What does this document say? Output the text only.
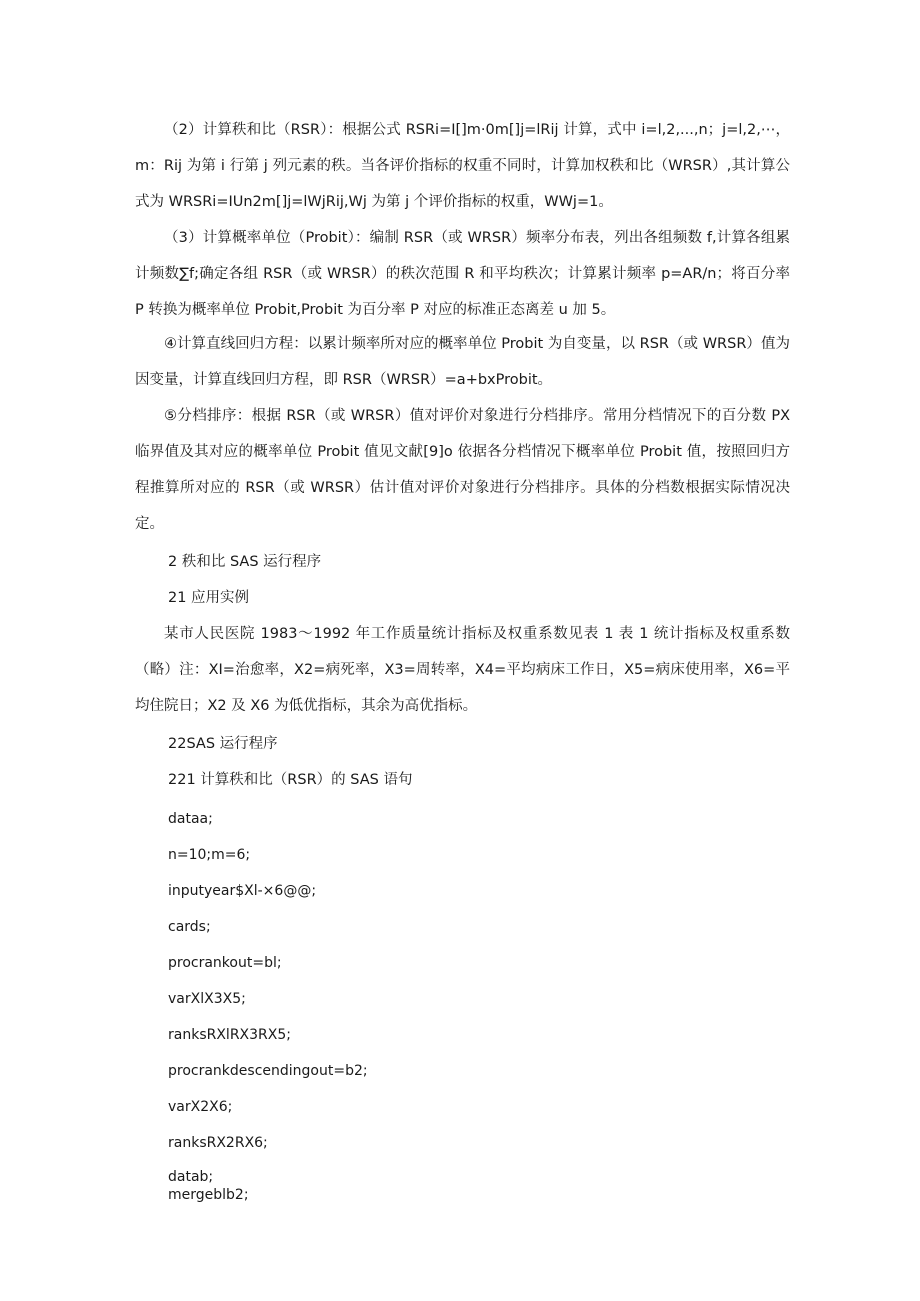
（2）计算秩和比（RSR）：根据公式 RSRi=I[]m·0m[]j=lRij 计算，式中 i=l,2,...,n；j=l,2,⋯，m：Rij 为第 i 行第 j 列元素的秩。当各评价指标的权重不同时，计算加权秩和比（WRSR）,其计算公式为 WRSRi=IUn2m[]j=lWjRij,Wj 为第 j 个评价指标的权重，WWj=1。

（3）计算概率单位（Probit）：编制 RSR（或 WRSR）频率分布表，列出各组频数 f,计算各组累计频数∑f;确定各组 RSR（或 WRSR）的秩次范围 R 和平均秩次；计算累计频率 p=AR∕n；将百分率 P 转换为概率单位 Probit,Probit 为百分率 P 对应的标准正态离差 u 加 5。

④计算直线回归方程：以累计频率所对应的概率单位 Probit 为自变量，以 RSR（或 WRSR）值为因变量，计算直线回归方程，即 RSR（WRSR）=a+bxProbit。

⑤分档排序：根据 RSR（或 WRSR）值对评价对象进行分档排序。常用分档情况下的百分数 PX 临界值及其对应的概率单位 Probit 值见文献[9]o 依据各分档情况下概率单位 Probit 值，按照回归方程推算所对应的 RSR（或 WRSR）估计值对评价对象进行分档排序。具体的分档数根据实际情况决定。

2 秩和比 SAS 运行程序

21 应用实例

某市人民医院 1983～1992 年工作质量统计指标及权重系数见表 1 表 1 统计指标及权重系数（略）注：XI=治愈率，X2=病死率，X3=周转率，X4=平均病床工作日，X5=病床使用率，X6=平均住院日；X2 及 X6 为低优指标，其余为高优指标。

22SAS 运行程序

221 计算秩和比（RSR）的 SAS 语句

dataa;

n=10;m=6;

inputyear$Xl-×6@@;

cards;

procrankout=bl;

varXlX3X5;

ranksRXlRX3RX5;

procrankdescendingout=b2;

varX2X6;

ranksRX2RX6;

datab;

mergeblb2;
